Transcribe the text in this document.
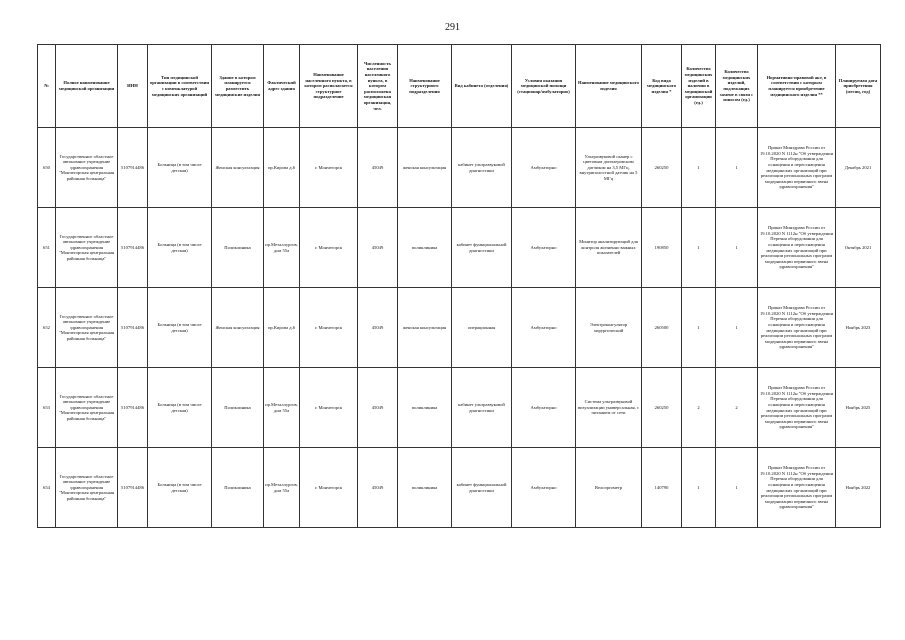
291
№	Полное наименование медицинской организации	ИНН	Тип медицинской организации в соответствии с номенклатурой медицинских организаций	Здание в котором планируется разместить медицинские изделия	Фактический адрес здания	Наименование населенного пункта, в котором располагается структурное подразделение	Численность населения населенного пункта, в котором расположена медицинская организация, чел.	Наименование структурного подразделения	Вид кабинета (отделения)	Условия оказания медицинской помощи (стационар/амбулаторно)	Наименование медицинского изделия	Код вида медицинского изделия *	Количество медицинских изделий в наличии в медицинской организации (ед.)	Количество медицинских изделий, подлежащих замене в связи с износом (ед.)	Нормативно-правовой акт, в соответствии с которым планируется приобретение медицинского изделия **	Планируемая дата приобретения (месяц, год)
650	Государственное областное автономное учреждение здравоохранения "Мончегорская центральная районная больница"	5107914486	Больница (в том числе детская)	Женская консультация	пр.Кирова д.6	г. Мончегорск	45049	женская консультация	кабинет ультразвуковой диагностики	Амбулаторно	Ультразвуковой сканер с цветовым допплеровским датчиком на 3,5 МГц, внутриполостной датчик на 5 МГц	260250	1	1	Приказ Минздрава России от 19.10.2020 N 1112н "Об утверждении Перечня оборудования для оснащения и переоснащения медицинских организаций при реализации региональных программ модернизации первичного звена здравоохранения"	Декабрь 2021
651	Государственное областное автономное учреждение здравоохранения "Мончегорская центральная районная больница"	5107914486	Больница (в том числе детская)	Поликлиника	пр.Металлургов, дом 55а	г. Мончегорск	45049	поликлиника	кабинет функциональной диагностики	Амбулаторно	Монитор анализирующий для контроля жизненно важных показателей	190850	1	1	Приказ Минздрава России от 19.10.2020 N 1112н "Об утверждении Перечня оборудования для оснащения и переоснащения медицинских организаций при реализации региональных программ модернизации первичного звена здравоохранения"	Октябрь 2021
652	Государственное областное автономное учреждение здравоохранения "Мончегорская центральная районная больница"	5107914486	Больница (в том числе детская)	Женская консультация	пр.Кирова д.6	г. Мончегорск	45049	женская консультация	операционная	Амбулаторно	Электрокоагулятор хирургический	260500	1	1	Приказ Минздрава России от 19.10.2020 N 1112н "Об утверждении Перечня оборудования для оснащения и переоснащения медицинских организаций при реализации региональных программ модернизации первичного звена здравоохранения"	Ноябрь 2023
653	Государственное областное автономное учреждение здравоохранения "Мончегорская центральная районная больница"	5107914486	Больница (в том числе детская)	Поликлиника	пр.Металлургов, дом 55а	г. Мончегорск	45049	поликлиника	кабинет ультразвуковой диагностики	Амбулаторно	Система ультразвуковой визуализации универсальная, с питанием от сети	260250	2	2	Приказ Минздрава России от 19.10.2020 N 1112н "Об утверждении Перечня оборудования для оснащения и переоснащения медицинских организаций при реализации региональных программ модернизации первичного звена здравоохранения"	Ноябрь 2025
654	Государственное областное автономное учреждение здравоохранения "Мончегорская центральная районная больница"	5107914486	Больница (в том числе детская)	Поликлиника	пр.Металлургов, дом 55а	г. Мончегорск	45049	поликлиника	кабинет функциональной диагностики	Амбулаторно	Велоэргометр	140790	1	1	Приказ Минздрава России от 19.10.2020 N 1112н "Об утверждении Перечня оборудования для оснащения и переоснащения медицинских организаций при реализации региональных программ модернизации первичного звена здравоохранения"	Ноябрь 2022
